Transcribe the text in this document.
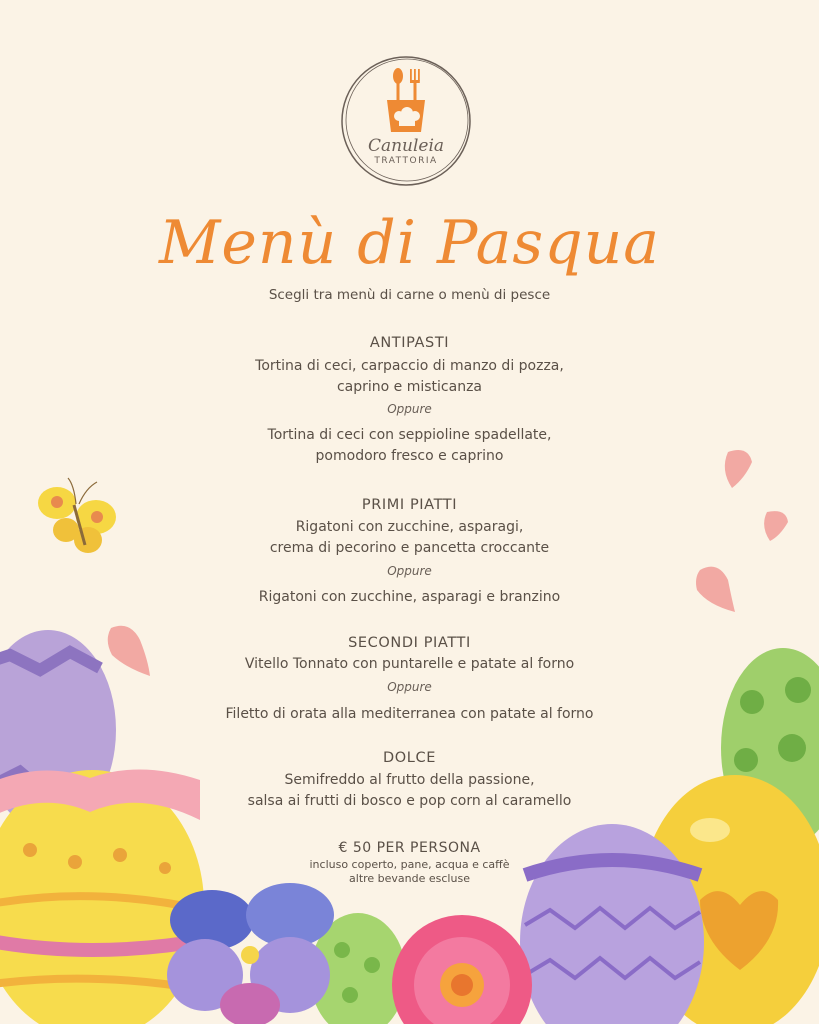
Canuleia
TRATTORIA
Menù di Pasqua
Scegli tra menù di carne o menù di pesce
ANTIPASTI
Tortina di ceci, carpaccio di manzo di pozza,
caprino e misticanza
Oppure
Tortina di ceci con seppioline spadellate,
pomodoro fresco e caprino
PRIMI PIATTI
Rigatoni con zucchine, asparagi,
crema di pecorino e pancetta croccante
Oppure
Rigatoni con zucchine, asparagi e branzino
SECONDI PIATTI
Vitello Tonnato con puntarelle e patate al forno
Oppure
Filetto di orata alla mediterranea con patate al forno
DOLCE
Semifreddo al frutto della passione,
salsa ai frutti di bosco e pop corn al caramello
€ 50 PER PERSONA
incluso coperto, pane, acqua e caffè
altre bevande escluse
